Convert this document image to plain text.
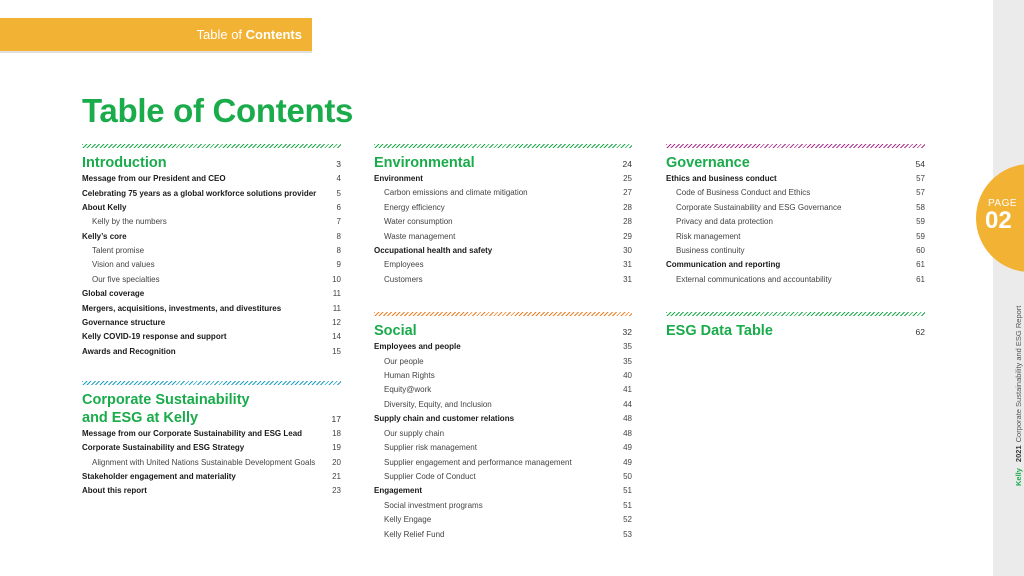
Table of Contents
Table of Contents
Introduction	3
Message from our President and CEO	4
Celebrating 75 years as a global workforce solutions provider	5
About Kelly	6
Kelly by the numbers	7
Kelly’s core	8
Talent promise	8
Vision and values	9
Our five specialties	10
Global coverage	11
Mergers, acquisitions, investments, and divestitures	11
Governance structure	12
Kelly COVID-19 response and support	14
Awards and Recognition	15
Corporate Sustainability
and ESG at Kelly	17
Message from our Corporate Sustainability and ESG Lead	18
Corporate Sustainability and ESG Strategy	19
Alignment with United Nations Sustainable Development Goals	20
Stakeholder engagement and materiality	21
About this report	23
Environmental	24
Environment	25
Carbon emissions and climate mitigation	27
Energy efficiency	28
Water consumption	28
Waste management	29
Occupational health and safety	30
Employees	31
Customers	31
Social	32
Employees and people	35
Our people	35
Human Rights	40
Equity@work	41
Diversity, Equity, and Inclusion	44
Supply chain and customer relations	48
Our supply chain	48
Supplier risk management	49
Supplier engagement and performance management	49
Supplier Code of Conduct	50
Engagement	51
Social investment programs	51
Kelly Engage	52
Kelly Relief Fund	53
Governance	54
Ethics and business conduct	57
Code of Business Conduct and Ethics	57
Corporate Sustainability and ESG Governance	58
Privacy and data protection	59
Risk management	59
Business continuity	60
Communication and reporting	61
External communications and accountability	61
ESG Data Table	62
PAGE
02
Kelly2021Corporate Sustainability and ESG Report
